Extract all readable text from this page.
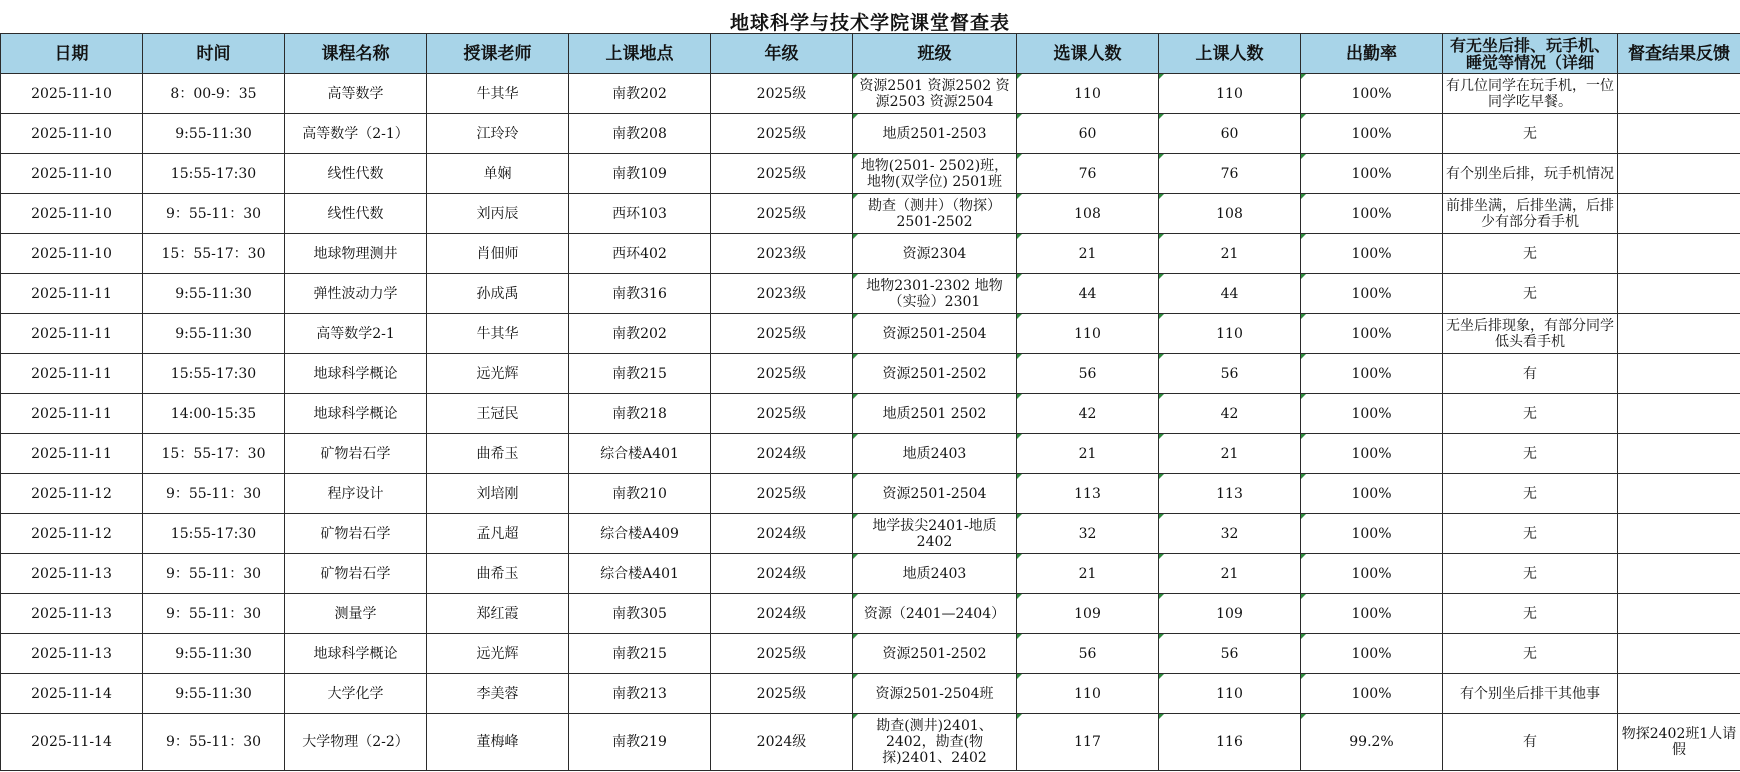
地球科学与技术学院课堂督查表
日期	时间	课程名称	授课老师	上课地点	年级	班级	选课人数	上课人数	出勤率	有无坐后排、玩手机、睡觉等情况（详细	督查结果反馈

2025-11-10	8：00-9：35	高等数学	牛其华	南教202	2025级	资源2501 资源2502 资源2503 资源2504	110	110	100%	有几位同学在玩手机，一位同学吃早餐。	

2025-11-10	9:55-11:30	高等数学（2-1）	江玲玲	南教208	2025级	地质2501-2503	60	60	100%	无	

2025-11-10	15:55-17:30	线性代数	单娴	南教109	2025级	地物(2501- 2502)班，地物(双学位) 2501班	76	76	100%	有个别坐后排，玩手机情况	

2025-11-10	9：55-11：30	线性代数	刘丙辰	西环103	2025级	勘查（测井）（物探）2501-2502	108	108	100%	前排坐满，后排坐满，后排少有部分看手机	

2025-11-10	15：55-17：30	地球物理测井	肖佃师	西环402	2023级	资源2304	21	21	100%	无	

2025-11-11	9:55-11:30	弹性波动力学	孙成禹	南教316	2023级	地物2301-2302 地物（实验）2301	44	44	100%	无	

2025-11-11	9:55-11:30	高等数学2-1	牛其华	南教202	2025级	资源2501-2504	110	110	100%	无坐后排现象，有部分同学低头看手机	

2025-11-11	15:55-17:30	地球科学概论	远光辉	南教215	2025级	资源2501-2502	56	56	100%	有	

2025-11-11	14:00-15:35	地球科学概论	王冠民	南教218	2025级	地质2501 2502	42	42	100%	无	

2025-11-11	15：55-17：30	矿物岩石学	曲希玉	综合楼A401	2024级	地质2403	21	21	100%	无	

2025-11-12	9：55-11：30	程序设计	刘培刚	南教210	2025级	资源2501-2504	113	113	100%	无	

2025-11-12	15:55-17:30	矿物岩石学	孟凡超	综合楼A409	2024级	地学拔尖2401-地质2402	32	32	100%	无	

2025-11-13	9：55-11：30	矿物岩石学	曲希玉	综合楼A401	2024级	地质2403	21	21	100%	无	

2025-11-13	9：55-11：30	测量学	郑红霞	南教305	2024级	资源（2401—2404）	109	109	100%	无	

2025-11-13	9:55-11:30	地球科学概论	远光辉	南教215	2025级	资源2501-2502	56	56	100%	无	

2025-11-14	9:55-11:30	大学化学	李美蓉	南教213	2025级	资源2501-2504班	110	110	100%	有个别坐后排干其他事	

2025-11-14	9：55-11：30	大学物理（2-2）	董梅峰	南教219	2024级	勘查(测井)2401、2402，勘查(物探)2401、2402	117	116	99.2%	有	物探2402班1人请假
